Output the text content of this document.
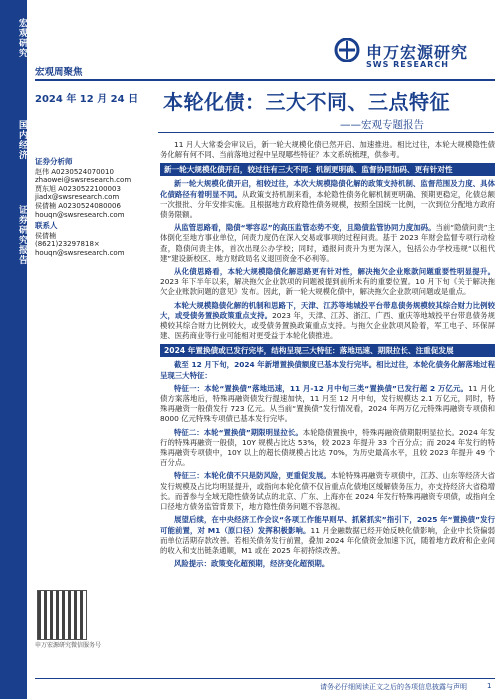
宏观研究
国内经济
证券研究报告
申万宏源研究
SWS RESEARCH
宏观周聚焦
2024 年 12 月 24 日 本轮化债：三大不同、三点特征
——宏观专题报告
证券分析师
赵伟 A0230524070010
zhaowei@swsresearch.com
贾东旭 A0230522100003
jiadx@swsresearch.com
侯倩楠 A0230524080006
houqn@swsresearch.com
联系人
侯倩楠
(8621)23297818×
houqn@swsresearch.com
申万宏源研究微信服务号

11 月人大常委会审议后，新一轮大规模化债已然开启、加速推进。相比过往，本轮大规模隐性债务化解有何不同、当前落地过程中呈现哪些特征？本文系统梳理，供参考。

新一轮大规模化债开启，较过往有三大不同：机制更明确、监督协同加码、更有针对性

新一轮大规模化债开启，相较过往，本次大规模隐债化解的政策支持机制、监督范围及力度、具体化债路径有着明显不同。从政策支持机制来看，本轮隐性债务化解机制更明确、预期更稳定，化债总额一次报批、分年安排实施。且根据地方政府隐性债务规模，按照全国统一比例，一次到位分配地方政府债务限额。

从监管思路看，隐债“零容忍”的高压监管态势不变，且隐债监管协同力度加码。当前“隐债问责”主体倒化至地方事业单位，问责力度仍在深入交易或事项的过程问责。基于 2023 年财会监督专项行动检查，隐债问责主体，首次出现公办学校；同时，通报问责升为更为深入，包括公办学校违规“以租代建”建设新校区、地方财政局名义退回资金不必利等。

从化债思路看，本轮大规模隐债化解思路更有针对性，解决拖欠企业账款问题重要性明显提升。2023 年下半年以来，解决拖欠企业款项的问题被提到前所未有的重要位置。10 月下旬《关于解决拖欠企业账款问题的意见》发布。因此，新一轮大规模化债中，解决拖欠企业款项问题或是重点。

本轮大规模隐债化解的机制和思路下，天津、江苏等地城投平台带息债务规模较其综合财力比例较大，或受债务置换政策重点支持。2023 年，天津、江苏、浙江、广西、重庆等地城投平台带息债务规模较其综合财力比例较大，或受债务置换政策重点支持。与拖欠企业款项风险着，军工电子、环保屏建、医药商业等行业可能相对更受益于本轮化债推进。

2024 年置换债或已发行完毕，结构呈现三大特征：落地迅速、期限拉长、注重促发展

截至 12 月下旬，2024 年新增置换债额度已基本发行完毕。相比过往，本轮化债务化解落地过程呈现三大特征：

特征一：本轮“置换债”落地迅速，11 月-12 月中旬三类“置换债”已发行超 2 万亿元。11 月化债方案落地后，特殊再融资债发行提速加快，11 月至 12 月中旬，发行规模达 2.1 万亿元，同时，特殊再融资一般债发行 723 亿元。从当前“置换债”发行情况看，2024 年两万亿元特殊再融资专项债和 8000 亿元特殊专项债已基本发行完毕。

特征二：本轮“置换债”期限明显拉长。本轮隐债置换中，特殊再融资债期限明显拉长。2024 年发行的特殊再融资一般债，10Y 规模占比达 53%，较 2023 年提升 33 个百分点；而 2024 年发行的特殊再融资专项债中，10Y 以上的超长债规模占比达 70%，为历史最高水平，且较 2023 年提升 49 个百分点。

特征三：本轮化债不只是防风险，更重促发展。本轮特殊再融资专项债中，江苏、山东等经济大省发行规模及占比均明显提升，或指向本轮化债不仅旨重点化债地区缓解债务压力，亦支持经济大省稳增长。而普参与全域无隐性债务试点的北京、广东、上海亦在 2024 年发行特殊再融资专项债，或指向全口径地方债务监管背景下，地方隐性债务问题不容忽视。

展望后续，在中央经济工作会议“各项工作能早则早、抓紧抓实”指引下，2025 年“置换债”发行可能前置，对 M1（原口径）发挥积极影响。11 月金融数据已经开始反映化债影响，企业中长贷偏弱而单位活期存款改善。若相关债务发行前置，叠加 2024 年化债资金加速下沉，随着地方政府和企业间的收入和支出链条通顺，M1 或在 2025 年初持续改善。

风险提示：政策变化超预期，经济变化超预期。

请务必仔细阅读正文之后的各项信息披露与声明	1
